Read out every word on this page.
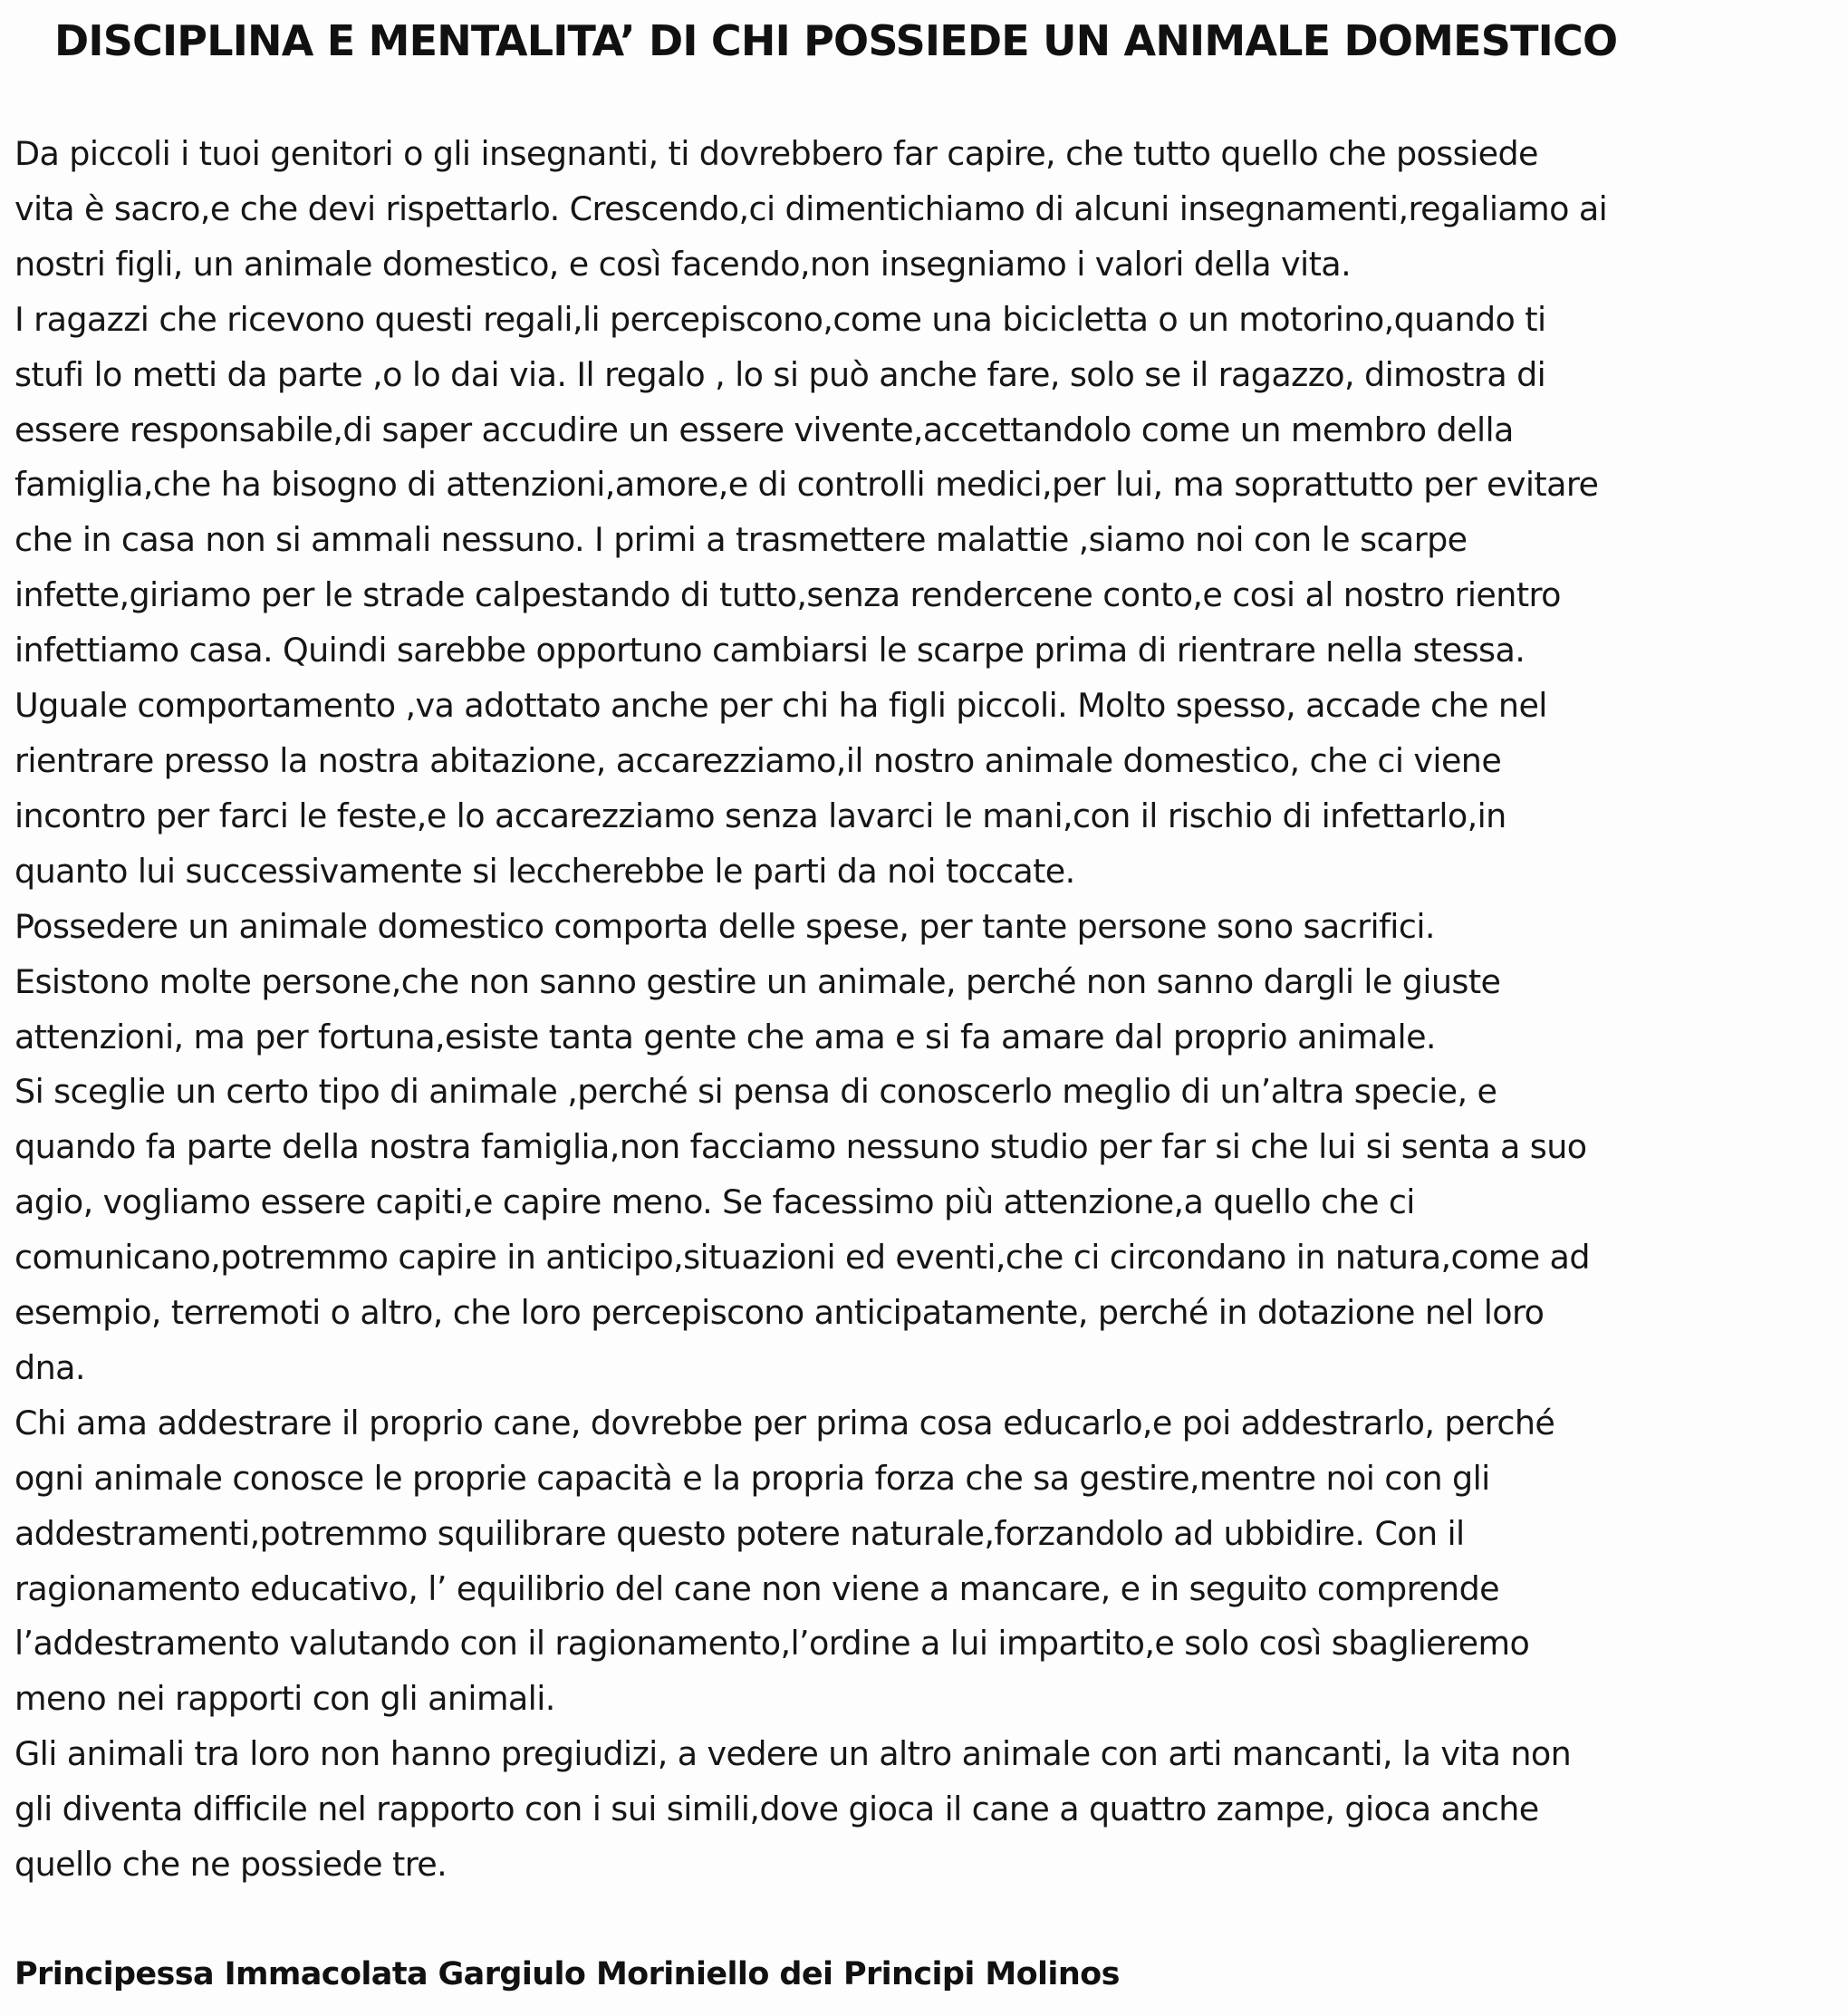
DISCIPLINA E MENTALITA’ DI CHI POSSIEDE UN ANIMALE DOMESTICO

Da piccoli i tuoi genitori o gli insegnanti, ti dovrebbero far capire, che tutto quello che possiede

vita è sacro,e che devi rispettarlo. Crescendo,ci dimentichiamo di alcuni insegnamenti,regaliamo ai

nostri figli, un animale domestico, e così facendo,non insegniamo i valori della vita.

I ragazzi che ricevono questi regali,li percepiscono,come una bicicletta o un motorino,quando ti

stufi lo metti da parte ,o lo dai via. Il regalo , lo si può anche fare, solo se il ragazzo, dimostra di

essere responsabile,di saper accudire un essere vivente,accettandolo come un membro della

famiglia,che ha bisogno di attenzioni,amore,e di controlli medici,per lui, ma soprattutto per evitare

che in casa non si ammali nessuno. I primi a trasmettere malattie ,siamo noi con le scarpe

infette,giriamo per le strade calpestando di tutto,senza rendercene conto,e cosi al nostro rientro

infettiamo casa. Quindi sarebbe opportuno cambiarsi le scarpe prima di rientrare nella stessa.

Uguale comportamento ,va adottato anche per chi ha figli piccoli. Molto spesso, accade che nel

rientrare presso la nostra abitazione, accarezziamo,il nostro animale domestico, che ci viene

incontro per farci le feste,e lo accarezziamo senza lavarci le mani,con il rischio di infettarlo,in

quanto lui successivamente si leccherebbe le parti da noi toccate.

Possedere un animale domestico comporta delle spese, per tante persone sono sacrifici.

Esistono molte persone,che non sanno gestire un animale, perché non sanno dargli le giuste

attenzioni, ma per fortuna,esiste tanta gente che ama e si fa amare dal proprio animale.

Si sceglie un certo tipo di animale ,perché si pensa di conoscerlo meglio di un’altra specie, e

quando fa parte della nostra famiglia,non facciamo nessuno studio per far si che lui si senta a suo

agio, vogliamo essere capiti,e capire meno. Se facessimo più attenzione,a quello che ci

comunicano,potremmo capire in anticipo,situazioni ed eventi,che ci circondano in natura,come ad

esempio, terremoti o altro, che loro percepiscono anticipatamente, perché in dotazione nel loro

dna.

Chi ama addestrare il proprio cane, dovrebbe per prima cosa educarlo,e poi addestrarlo, perché

ogni animale conosce le proprie capacità e la propria forza che sa gestire,mentre noi con gli

addestramenti,potremmo squilibrare questo potere naturale,forzandolo ad ubbidire. Con il

ragionamento educativo, l’ equilibrio del cane non viene a mancare, e in seguito comprende

l’addestramento valutando con il ragionamento,l’ordine a lui impartito,e solo così sbaglieremo

meno nei rapporti con gli animali.

Gli animali tra loro non hanno pregiudizi, a vedere un altro animale con arti mancanti, la vita non

gli diventa difficile nel rapporto con i sui simili,dove gioca il cane a quattro zampe, gioca anche

quello che ne possiede tre.

Principessa Immacolata Gargiulo Moriniello dei Principi Molinos
